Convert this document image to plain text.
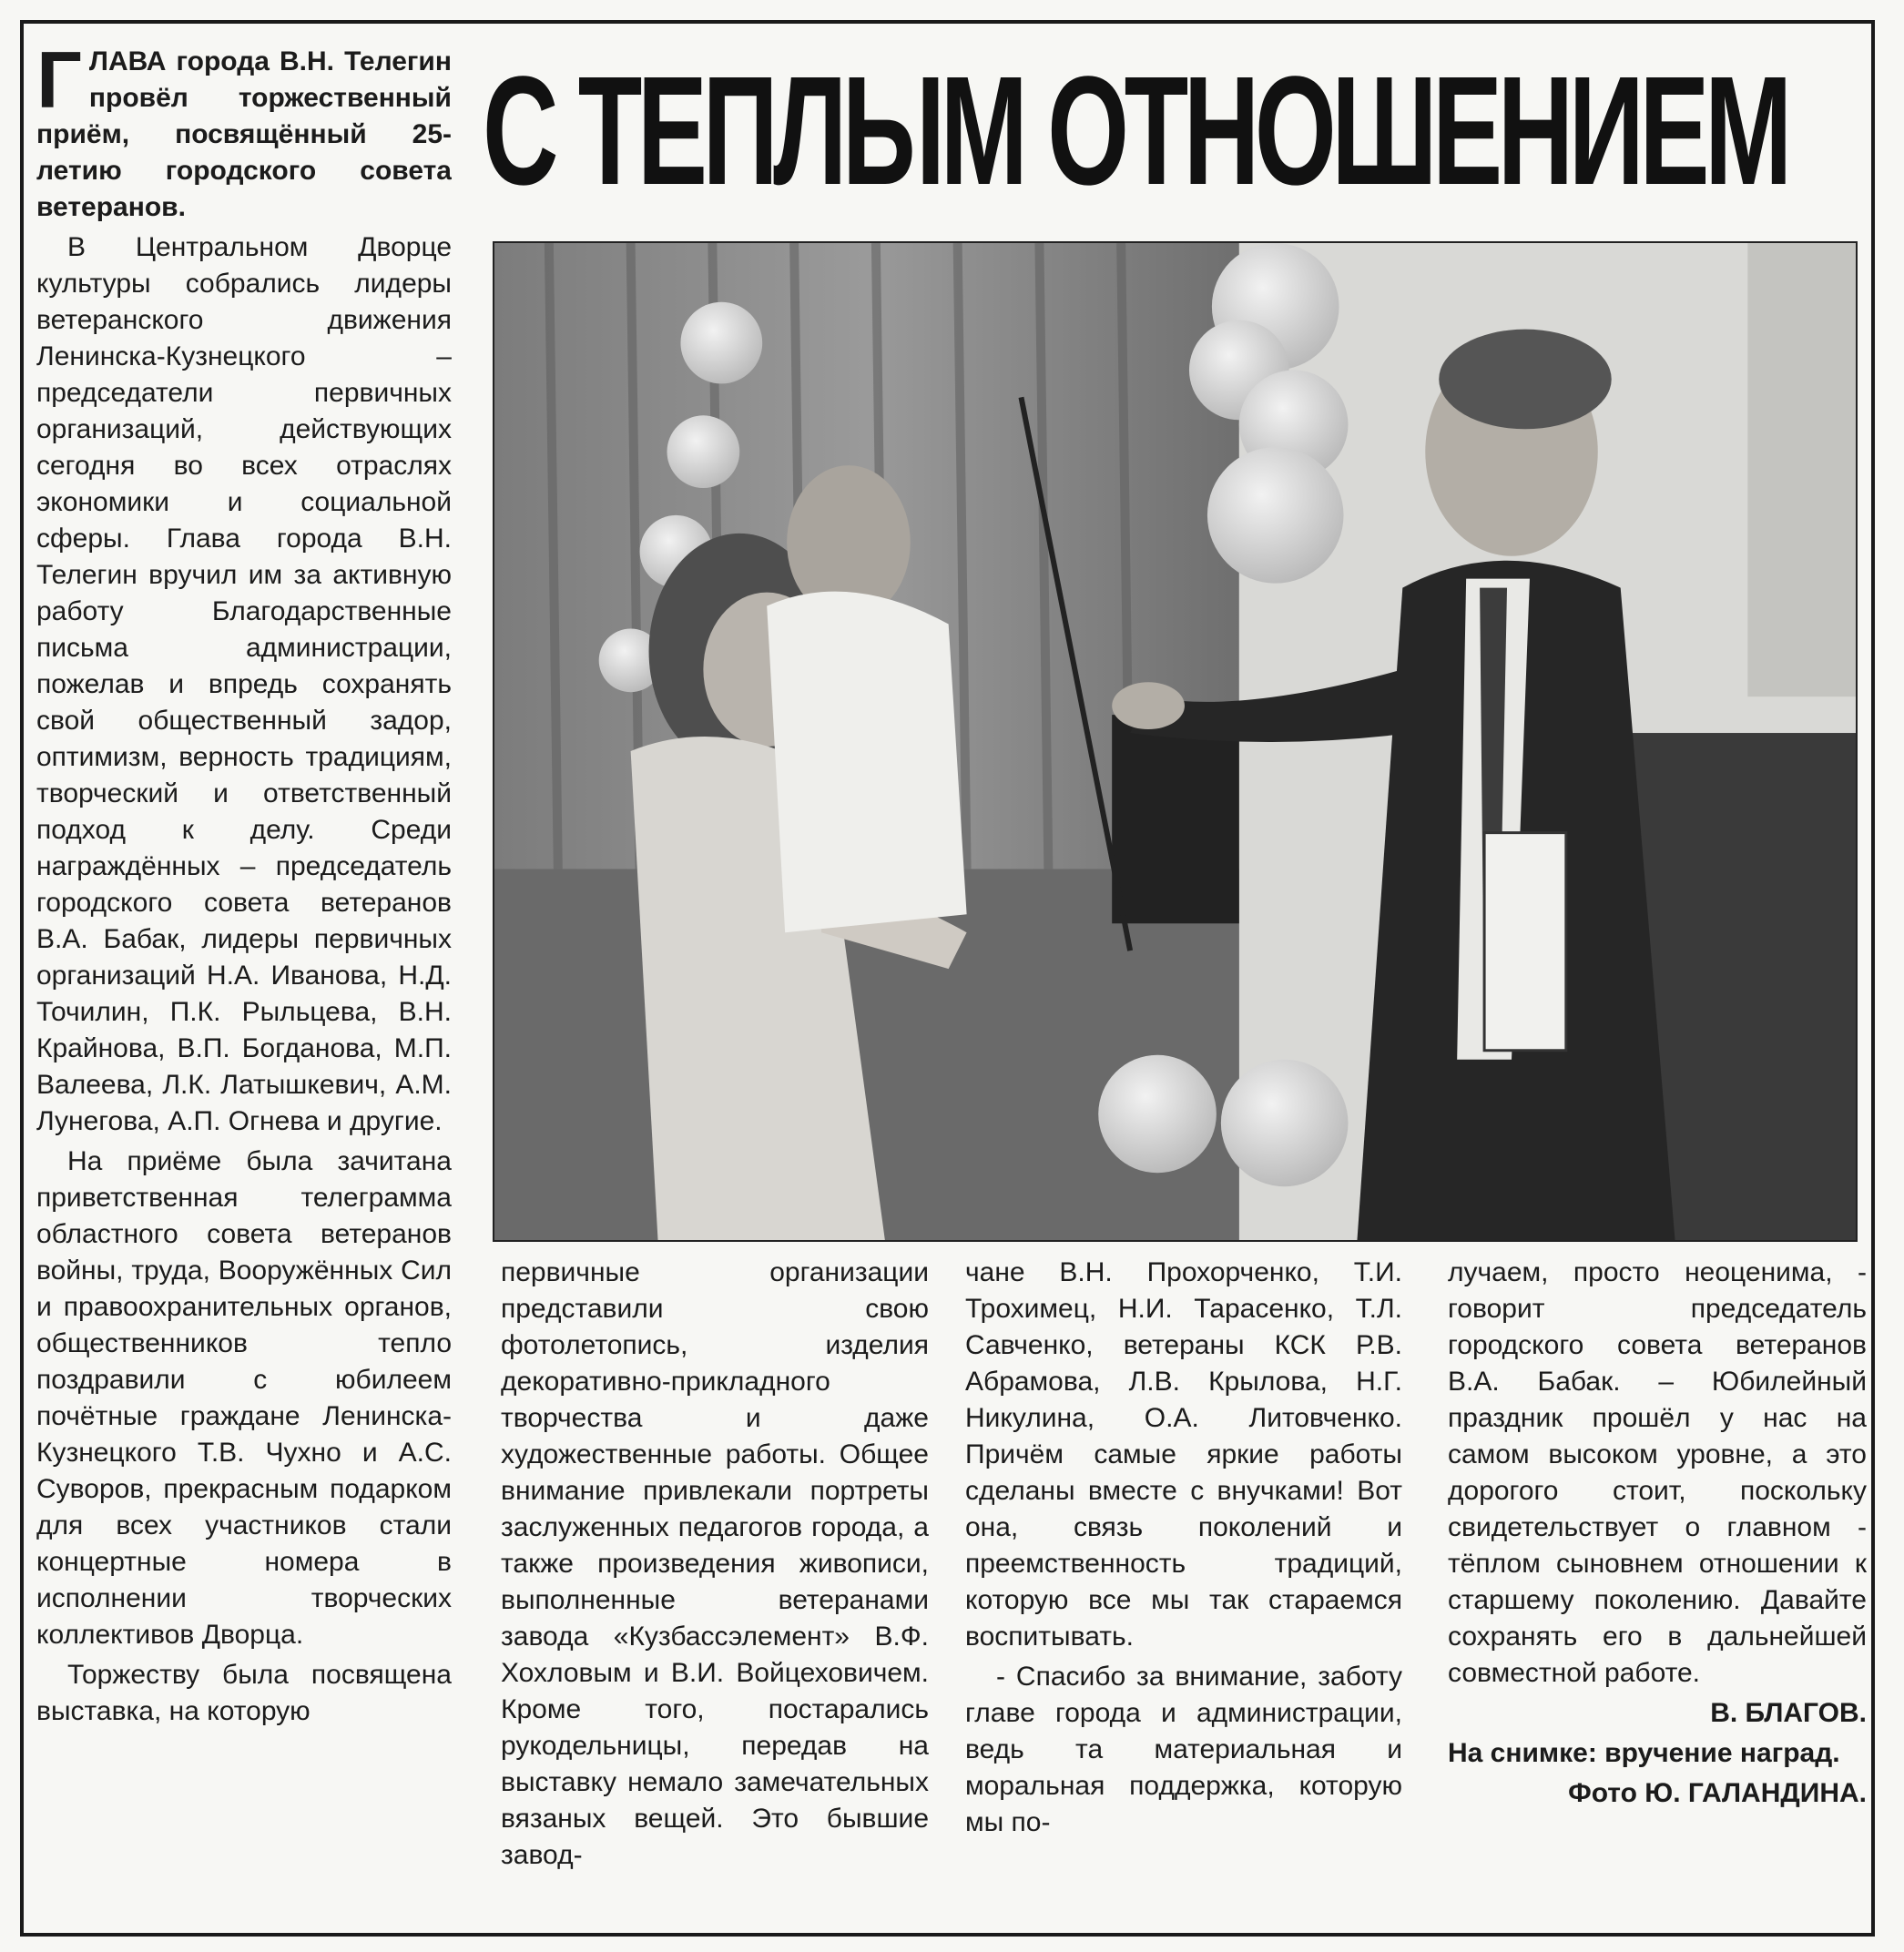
С ТЕПЛЫМ ОТНОШЕНИЕМ

ГЛАВА города В.Н. Телегин провёл торжественный приём, посвящённый 25-летию городского совета ветеранов.

В Центральном Дворце культуры собрались лидеры ветеранского движения Ленинска-Кузнецкого – председатели первичных организаций, действующих сегодня во всех отраслях экономики и социальной сферы. Глава города В.Н. Телегин вручил им за активную работу Благодарственные письма администрации, пожелав и впредь сохранять свой общественный задор, оптимизм, верность традициям, творческий и ответственный подход к делу. Среди награждённых – председатель городского совета ветеранов В.А. Бабак, лидеры первичных организаций Н.А. Иванова, Н.Д. Точилин, П.К. Рыльцева, В.Н. Крайнова, В.П. Богданова, М.П. Валеева, Л.К. Латышкевич, А.М. Лунегова, А.П. Огнева и другие.

На приёме была зачитана приветственная телеграмма областного совета ветеранов войны, труда, Вооружённых Сил и правоохранительных органов, общественников тепло поздравили с юбилеем почётные граждане Ленинска-Кузнецкого Т.В. Чухно и А.С. Суворов, прекрасным подарком для всех участников стали концертные номера в исполнении творческих коллективов Дворца.

Торжеству была посвящена выставка, на которую

первичные организации представили свою фотолетопись, изделия декоративно-прикладного творчества и даже художественные работы. Общее внимание привлекали портреты заслуженных педагогов города, а также произведения живописи, выполненные ветеранами завода «Кузбассэлемент» В.Ф. Хохловым и В.И. Войцеховичем. Кроме того, постарались рукодельницы, передав на выставку немало замечательных вязаных вещей. Это бывшие завод-

чане В.Н. Прохорченко, Т.И. Трохимец, Н.И. Тарасенко, Т.Л. Савченко, ветераны КСК Р.В. Абрамова, Л.В. Крылова, Н.Г. Никулина, О.А. Литовченко. Причём самые яркие работы сделаны вместе с внучками! Вот она, связь поколений и преемственность традиций, которую все мы так стараемся воспитывать.

- Спасибо за внимание, заботу главе города и администрации, ведь та материальная и моральная поддержка, которую мы по-

лучаем, просто неоценима, - говорит председатель городского совета ветеранов В.А. Бабак. – Юбилейный праздник прошёл у нас на самом высоком уровне, а это дорогого стоит, поскольку свидетельствует о главном - тёплом сыновнем отношении к старшему поколению. Давайте сохранять его в дальнейшей совместной работе.

В. БЛАГОВ.
На снимке: вручение наград.
Фото Ю. ГАЛАНДИНА.
